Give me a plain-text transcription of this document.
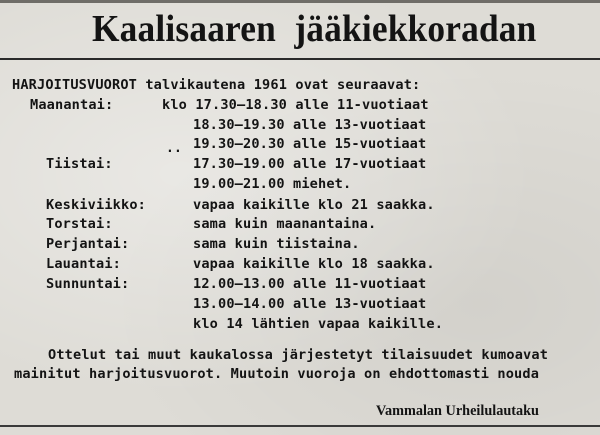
Kaalisaaren jääkiekkoradan
HARJOITUSVUOROT talvikautena 1961 ovat seuraavat:
Maanantai:	klo 17.30—18.30 alle 11-vuotiaat
18.30—19.30 alle 13-vuotiaat
.. 19.30—20.30 alle 15-vuotiaat
Tiistai:	17.30—19.00 alle 17-vuotiaat
19.00—21.00 miehet.
Keskiviikko:	vapaa kaikille klo 21 saakka.
Torstai:	sama kuin maanantaina.
Perjantai:	sama kuin tiistaina.
Lauantai:	vapaa kaikille klo 18 saakka.
Sunnuntai:	12.00—13.00 alle 11-vuotiaat
13.00—14.00 alle 13-vuotiaat
klo 14 lähtien vapaa kaikille.
Ottelut tai muut kaukalossa järjestetyt tilaisuudet kumoavat
mainitut harjoitusvuorot. Muutoin vuoroja on ehdottomasti nouda
Vammalan Urheilulautaku
